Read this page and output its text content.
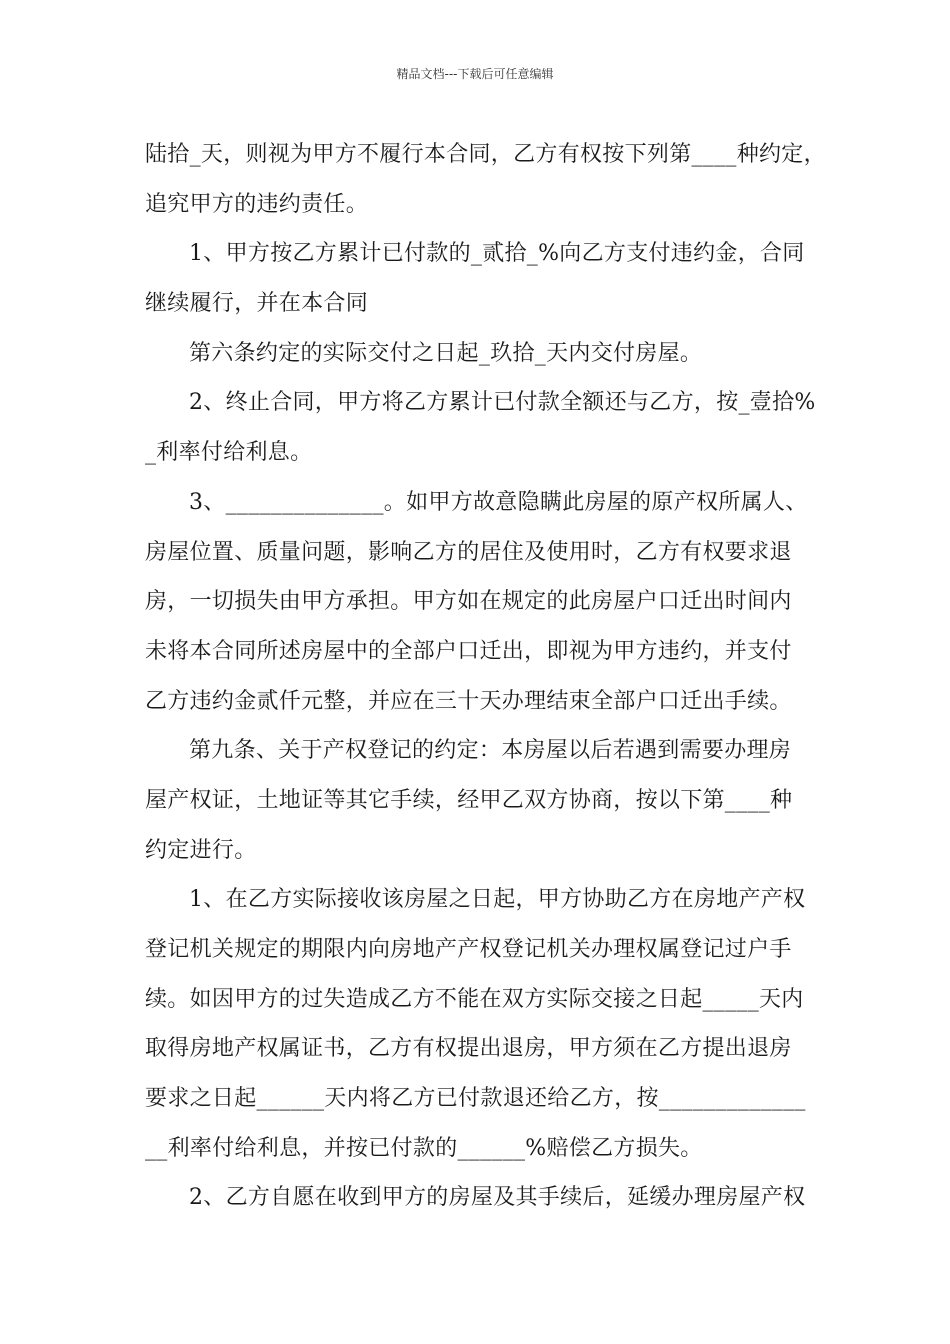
精品文档---下载后可任意编辑
陆拾_天，则视为甲方不履行本合同，乙方有权按下列第____种约定，
追究甲方的违约责任。
1、甲方按乙方累计已付款的_贰拾_%向乙方支付违约金，合同
继续履行，并在本合同
第六条约定的实际交付之日起_玖拾_天内交付房屋。
2、终止合同，甲方将乙方累计已付款全额还与乙方，按_壹拾%
_利率付给利息。
3、______________。如甲方故意隐瞒此房屋的原产权所属人、
房屋位置、质量问题，影响乙方的居住及使用时，乙方有权要求退
房，一切损失由甲方承担。甲方如在规定的此房屋户口迁出时间内
未将本合同所述房屋中的全部户口迁出，即视为甲方违约，并支付
乙方违约金贰仟元整，并应在三十天办理结束全部户口迁出手续。
第九条、关于产权登记的约定：本房屋以后若遇到需要办理房
屋产权证，土地证等其它手续，经甲乙双方协商，按以下第____种
约定进行。
1、在乙方实际接收该房屋之日起，甲方协助乙方在房地产产权
登记机关规定的期限内向房地产产权登记机关办理权属登记过户手
续。如因甲方的过失造成乙方不能在双方实际交接之日起_____天内
取得房地产权属证书，乙方有权提出退房，甲方须在乙方提出退房
要求之日起______天内将乙方已付款退还给乙方，按_____________
__利率付给利息，并按已付款的______%赔偿乙方损失。
2、乙方自愿在收到甲方的房屋及其手续后，延缓办理房屋产权
